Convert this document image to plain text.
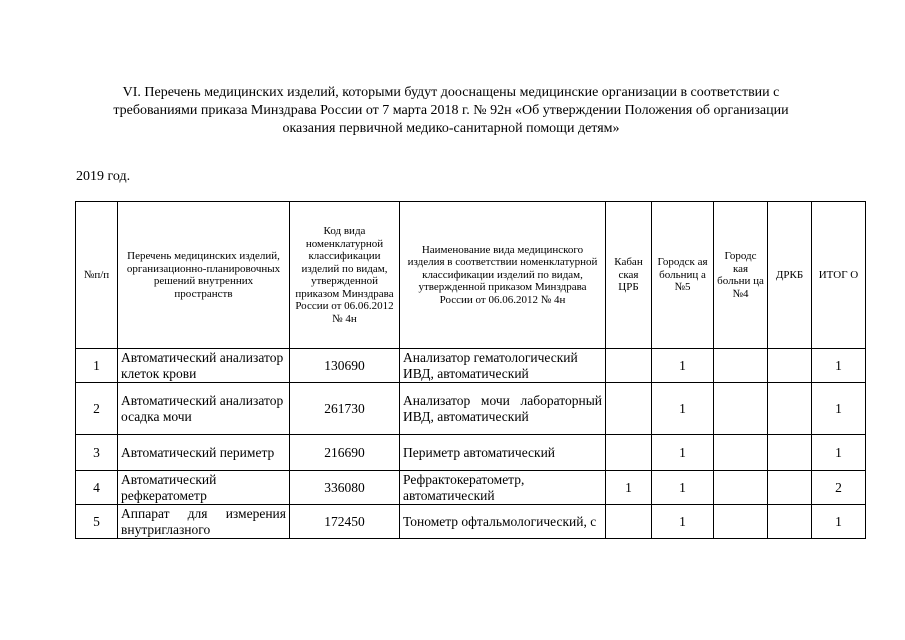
VI. Перечень медицинских изделий, которыми будут дооснащены медицинские организации в соответствии с
требованиями приказа Минздрава России от 7 марта 2018 г. № 92н «Об утверждении Положения об организации
оказания первичной медико-санитарной помощи детям»
2019 год.
№п/п	Перечень медицинских изделий, организационно-планировочных решений внутренних пространств	Код вида номенклатурной классификации изделий по видам, утвержденной приказом Минздрава России от 06.06.2012 № 4н	Наименование вида медицинского изделия в соответствии номенклатурной классификации изделий по видам, утвержденной приказом Минздрава России от 06.06.2012 № 4н	Кабан ская ЦРБ	Городск ая больниц а №5	Городс кая больни ца №4	ДРКБ	ИТОГ О
1	Автоматический анализатор клеток крови	130690	Анализатор гематологический ИВД, автоматический		1			1
2	Автоматический анализатор осадка мочи	261730	Анализатор мочи лабораторный ИВД, автоматический		1			1
3	Автоматический периметр	216690	Периметр автоматический		1			1
4	Автоматический рефкератометр	336080	Рефрактокератометр, автоматический	1	1			2
5	Аппарат для измерения внутриглазного	172450	Тонометр офтальмологический, с		1			1
